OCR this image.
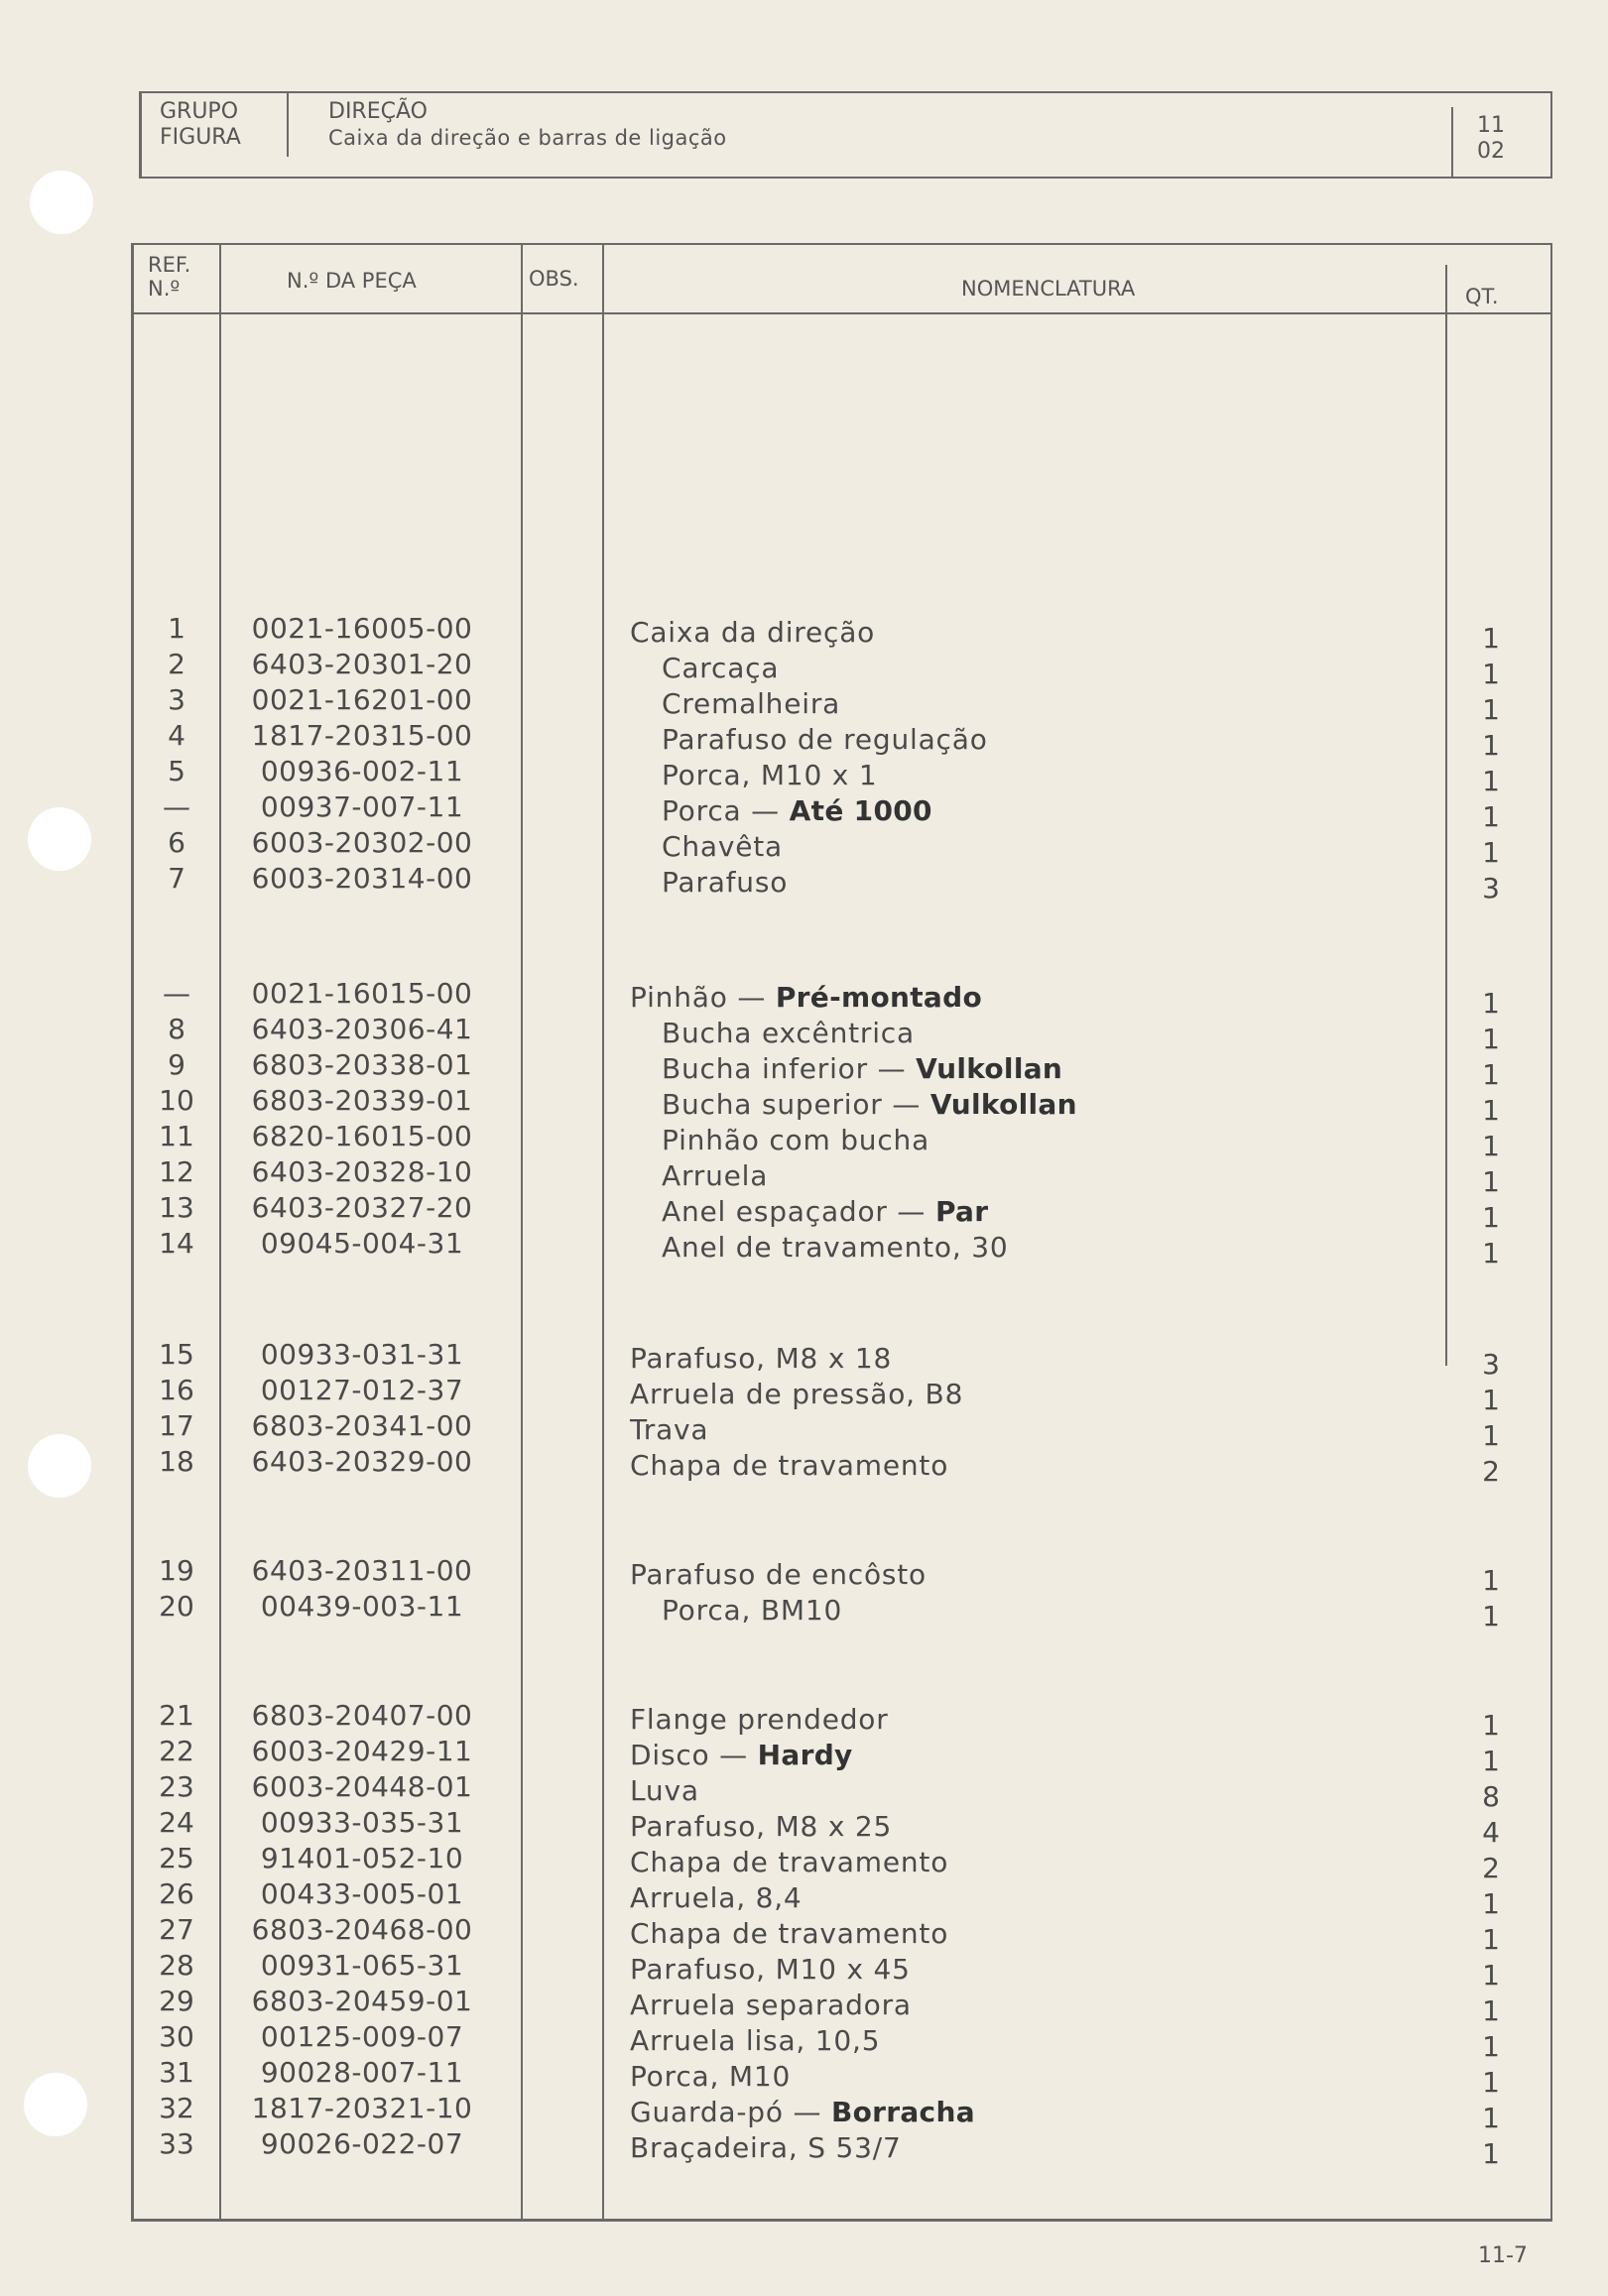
GRUPO
FIGURA
DIREÇÃO
Caixa da direção e barras de ligação	11
02
REF.
N.º	N.º DA PEÇA	OBS.	NOMENCLATURA	QT.
1	0021-16005-00	Caixa da direção	1
2	6403-20301-20	Carcaça	1
3	0021-16201-00	Cremalheira	1
4	1817-20315-00	Parafuso de regulação	1
5	00936-002-11	Porca, M10 x 1	1
—	00937-007-11	Porca — Até 1000	1
6	6003-20302-00	Chavêta	1
7	6003-20314-00	Parafuso	3
—	0021-16015-00	Pinhão — Pré-montado	1
8	6403-20306-41	Bucha excêntrica	1
9	6803-20338-01	Bucha inferior — Vulkollan	1
10	6803-20339-01	Bucha superior — Vulkollan	1
11	6820-16015-00	Pinhão com bucha	1
12	6403-20328-10	Arruela	1
13	6403-20327-20	Anel espaçador — Par	1
14	09045-004-31	Anel de travamento, 30	1
15	00933-031-31	Parafuso, M8 x 18	3
16	00127-012-37	Arruela de pressão, B8	1
17	6803-20341-00	Trava	1
18	6403-20329-00	Chapa de travamento	2
19	6403-20311-00	Parafuso de encôsto	1
20	00439-003-11	Porca, BM10	1
21	6803-20407-00	Flange prendedor	1
22	6003-20429-11	Disco — Hardy	1
23	6003-20448-01	Luva	8
24	00933-035-31	Parafuso, M8 x 25	4
25	91401-052-10	Chapa de travamento	2
26	00433-005-01	Arruela, 8,4	1
27	6803-20468-00	Chapa de travamento	1
28	00931-065-31	Parafuso, M10 x 45	1
29	6803-20459-01	Arruela separadora	1
30	00125-009-07	Arruela lisa, 10,5	1
31	90028-007-11	Porca, M10	1
32	1817-20321-10	Guarda-pó — Borracha	1
33	90026-022-07	Braçadeira, S 53/7	1
11-7
